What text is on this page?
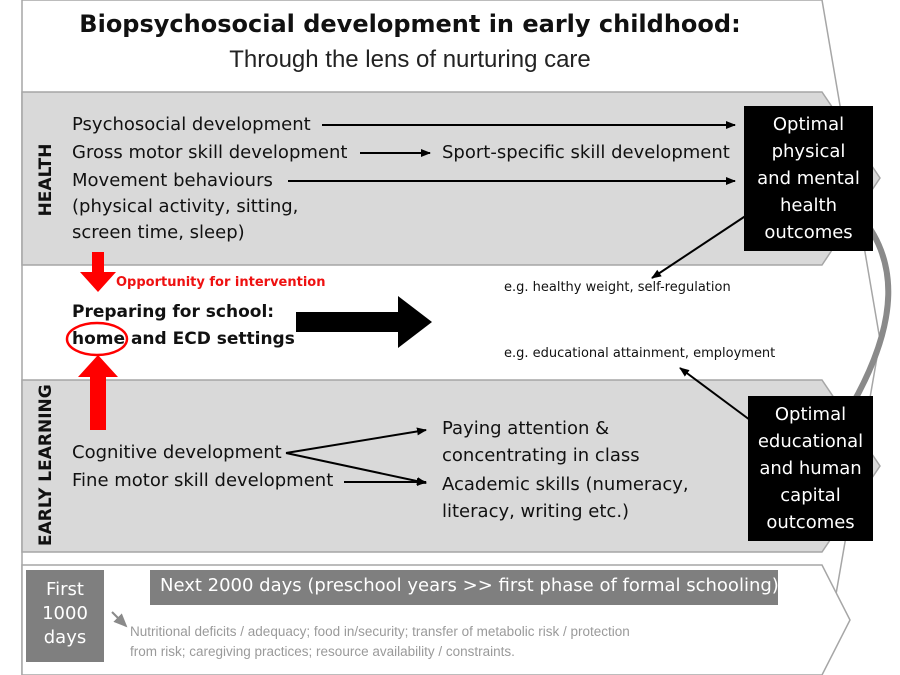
Biopsychosocial development in early childhood:
Through the lens of nurturing care
HEALTH
Psychosocial development
Gross motor skill development
Movement behaviours
(physical activity, sitting,
screen time, sleep)
Sport-specific skill development
Optimal
physical
and mental
health
outcomes
Opportunity for intervention
Preparing for school:
home and ECD settings
e.g. healthy weight, self-regulation
e.g. educational attainment, employment
EARLY LEARNING Cognitive development
Fine motor skill development
Paying attention &
concentrating in class
Academic skills (numeracy,
literacy, writing etc.)
Optimal
educational
and human
capital
outcomes
First
1000
days
Next 2000 days (preschool years >> first phase of formal schooling)
Nutritional deficits / adequacy; food in/security; transfer of metabolic risk / protection
from risk; caregiving practices; resource availability / constraints.
